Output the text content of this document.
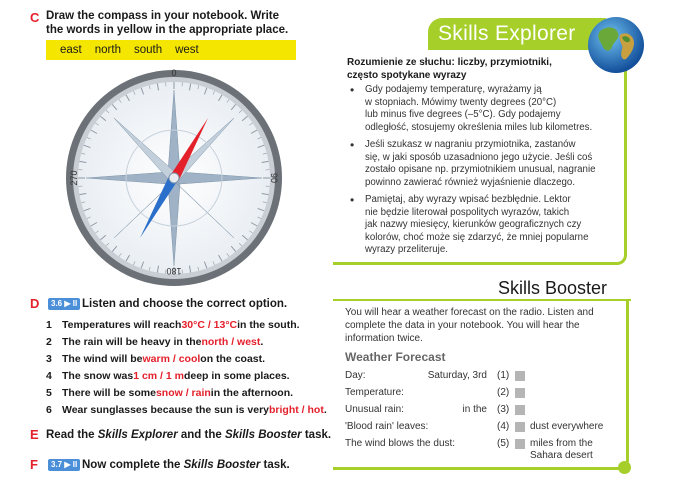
C Draw the compass in your notebook. Write
the words in yellow in the appropriate place.
east north south west
0
90
180
270
D	3.6 ▶ II Listen and choose the correct option.
1 Temperatures will reach 30°C / 13°C in the south.
2 The rain will be heavy in the north / west .
3 The wind will be warm / cool on the coast.
4 The snow was 1 cm / 1 m deep in some places.
5 There will be some snow / rain in the afternoon.
6 Wear sunglasses because the sun is very bright / hot .
E Read the Skills Explorer and the Skills Booster task.
F	3.7 ▶ II Now complete the Skills Booster task.
Skills Explorer
Rozumienie ze słuchu: liczby, przymiotniki,
często spotykane wyrazy
•	Gdy podajemy temperaturę, wyrażamy ją
w stopniach. Mówimy twenty degrees (20°C)
lub minus five degrees (–5°C). Gdy podajemy
odległość, stosujemy określenia miles lub kilometres.
•	Jeśli szukasz w nagraniu przymiotnika, zastanów
się, w jaki sposób uzasadniono jego użycie. Jeśli coś
zostało opisane np. przymiotnikiem unusual, nagranie
powinno zawierać również wyjaśnienie dlaczego.
•	Pamiętaj, aby wyrazy wpisać bezbłędnie. Lektor
nie będzie literował pospolitych wyrazów, takich
jak nazwy miesięcy, kierunków geograficznych czy
kolorów, choć może się zdarzyć, że mniej popularne
wyrazy przeliteruje.
Skills Booster
You will hear a weather forecast on the radio. Listen and complete the data in your notebook. You will hear the information twice.
Weather Forecast
Day:	Saturday, 3rd (1)
Temperature:	(2)
Unusual rain:	in the (3)
'Blood rain' leaves:	(4) dust everywhere
The wind blows the dust:	(5) miles from the Sahara desert
